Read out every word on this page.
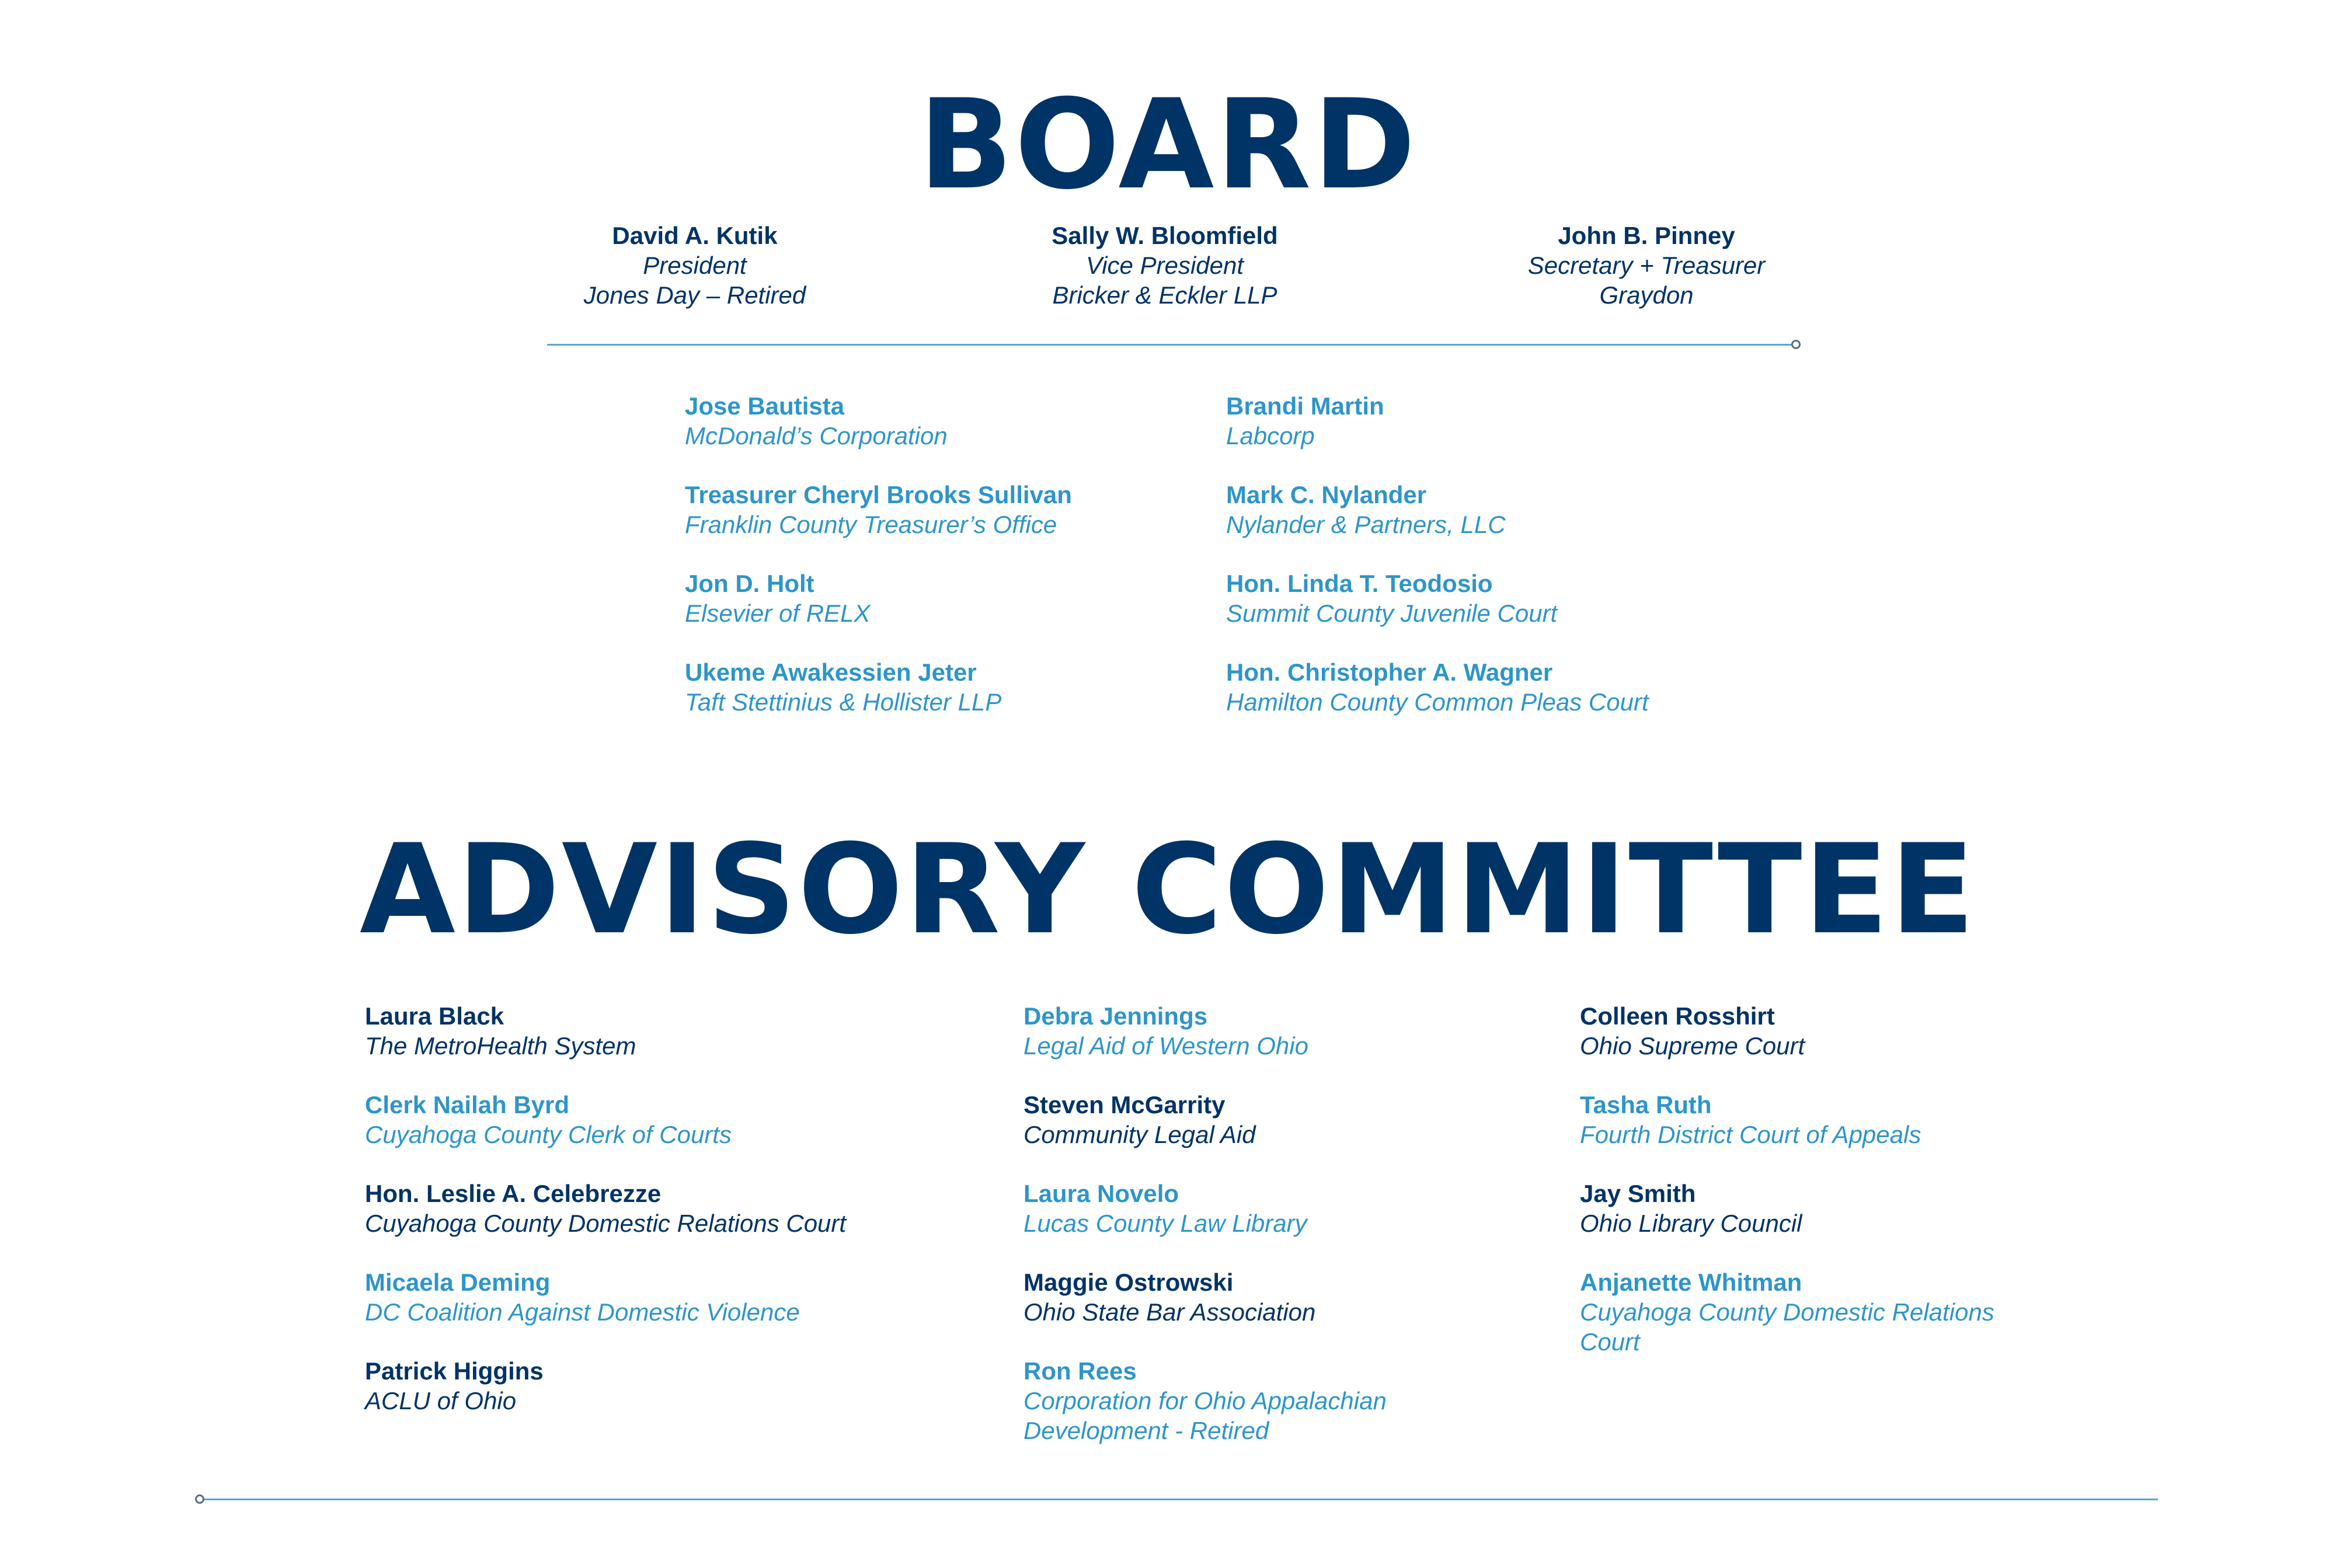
BOARD
David A. Kutik
President
Jones Day – Retired
Sally W. Bloomfield
Vice President
Bricker & Eckler LLP
John B. Pinney
Secretary + Treasurer
Graydon
Jose Bautista
McDonald’s Corporation
Treasurer Cheryl Brooks Sullivan
Franklin County Treasurer’s Office
Jon D. Holt
Elsevier of RELX
Ukeme Awakessien Jeter
Taft Stettinius & Hollister LLP
Brandi Martin
Labcorp
Mark C. Nylander
Nylander & Partners, LLC
Hon. Linda T. Teodosio
Summit County Juvenile Court
Hon. Christopher A. Wagner
Hamilton County Common Pleas Court
ADVISORY COMMITTEE
Laura Black
The MetroHealth System
Clerk Nailah Byrd
Cuyahoga County Clerk of Courts
Hon. Leslie A. Celebrezze
Cuyahoga County Domestic Relations Court
Micaela Deming
DC Coalition Against Domestic Violence
Patrick Higgins
ACLU of Ohio
Debra Jennings
Legal Aid of Western Ohio
Steven McGarrity
Community Legal Aid
Laura Novelo
Lucas County Law Library
Maggie Ostrowski
Ohio State Bar Association
Ron Rees
Corporation for Ohio Appalachian Development - Retired
Colleen Rosshirt
Ohio Supreme Court
Tasha Ruth
Fourth District Court of Appeals
Jay Smith
Ohio Library Council
Anjanette Whitman
Cuyahoga County Domestic Relations Court
